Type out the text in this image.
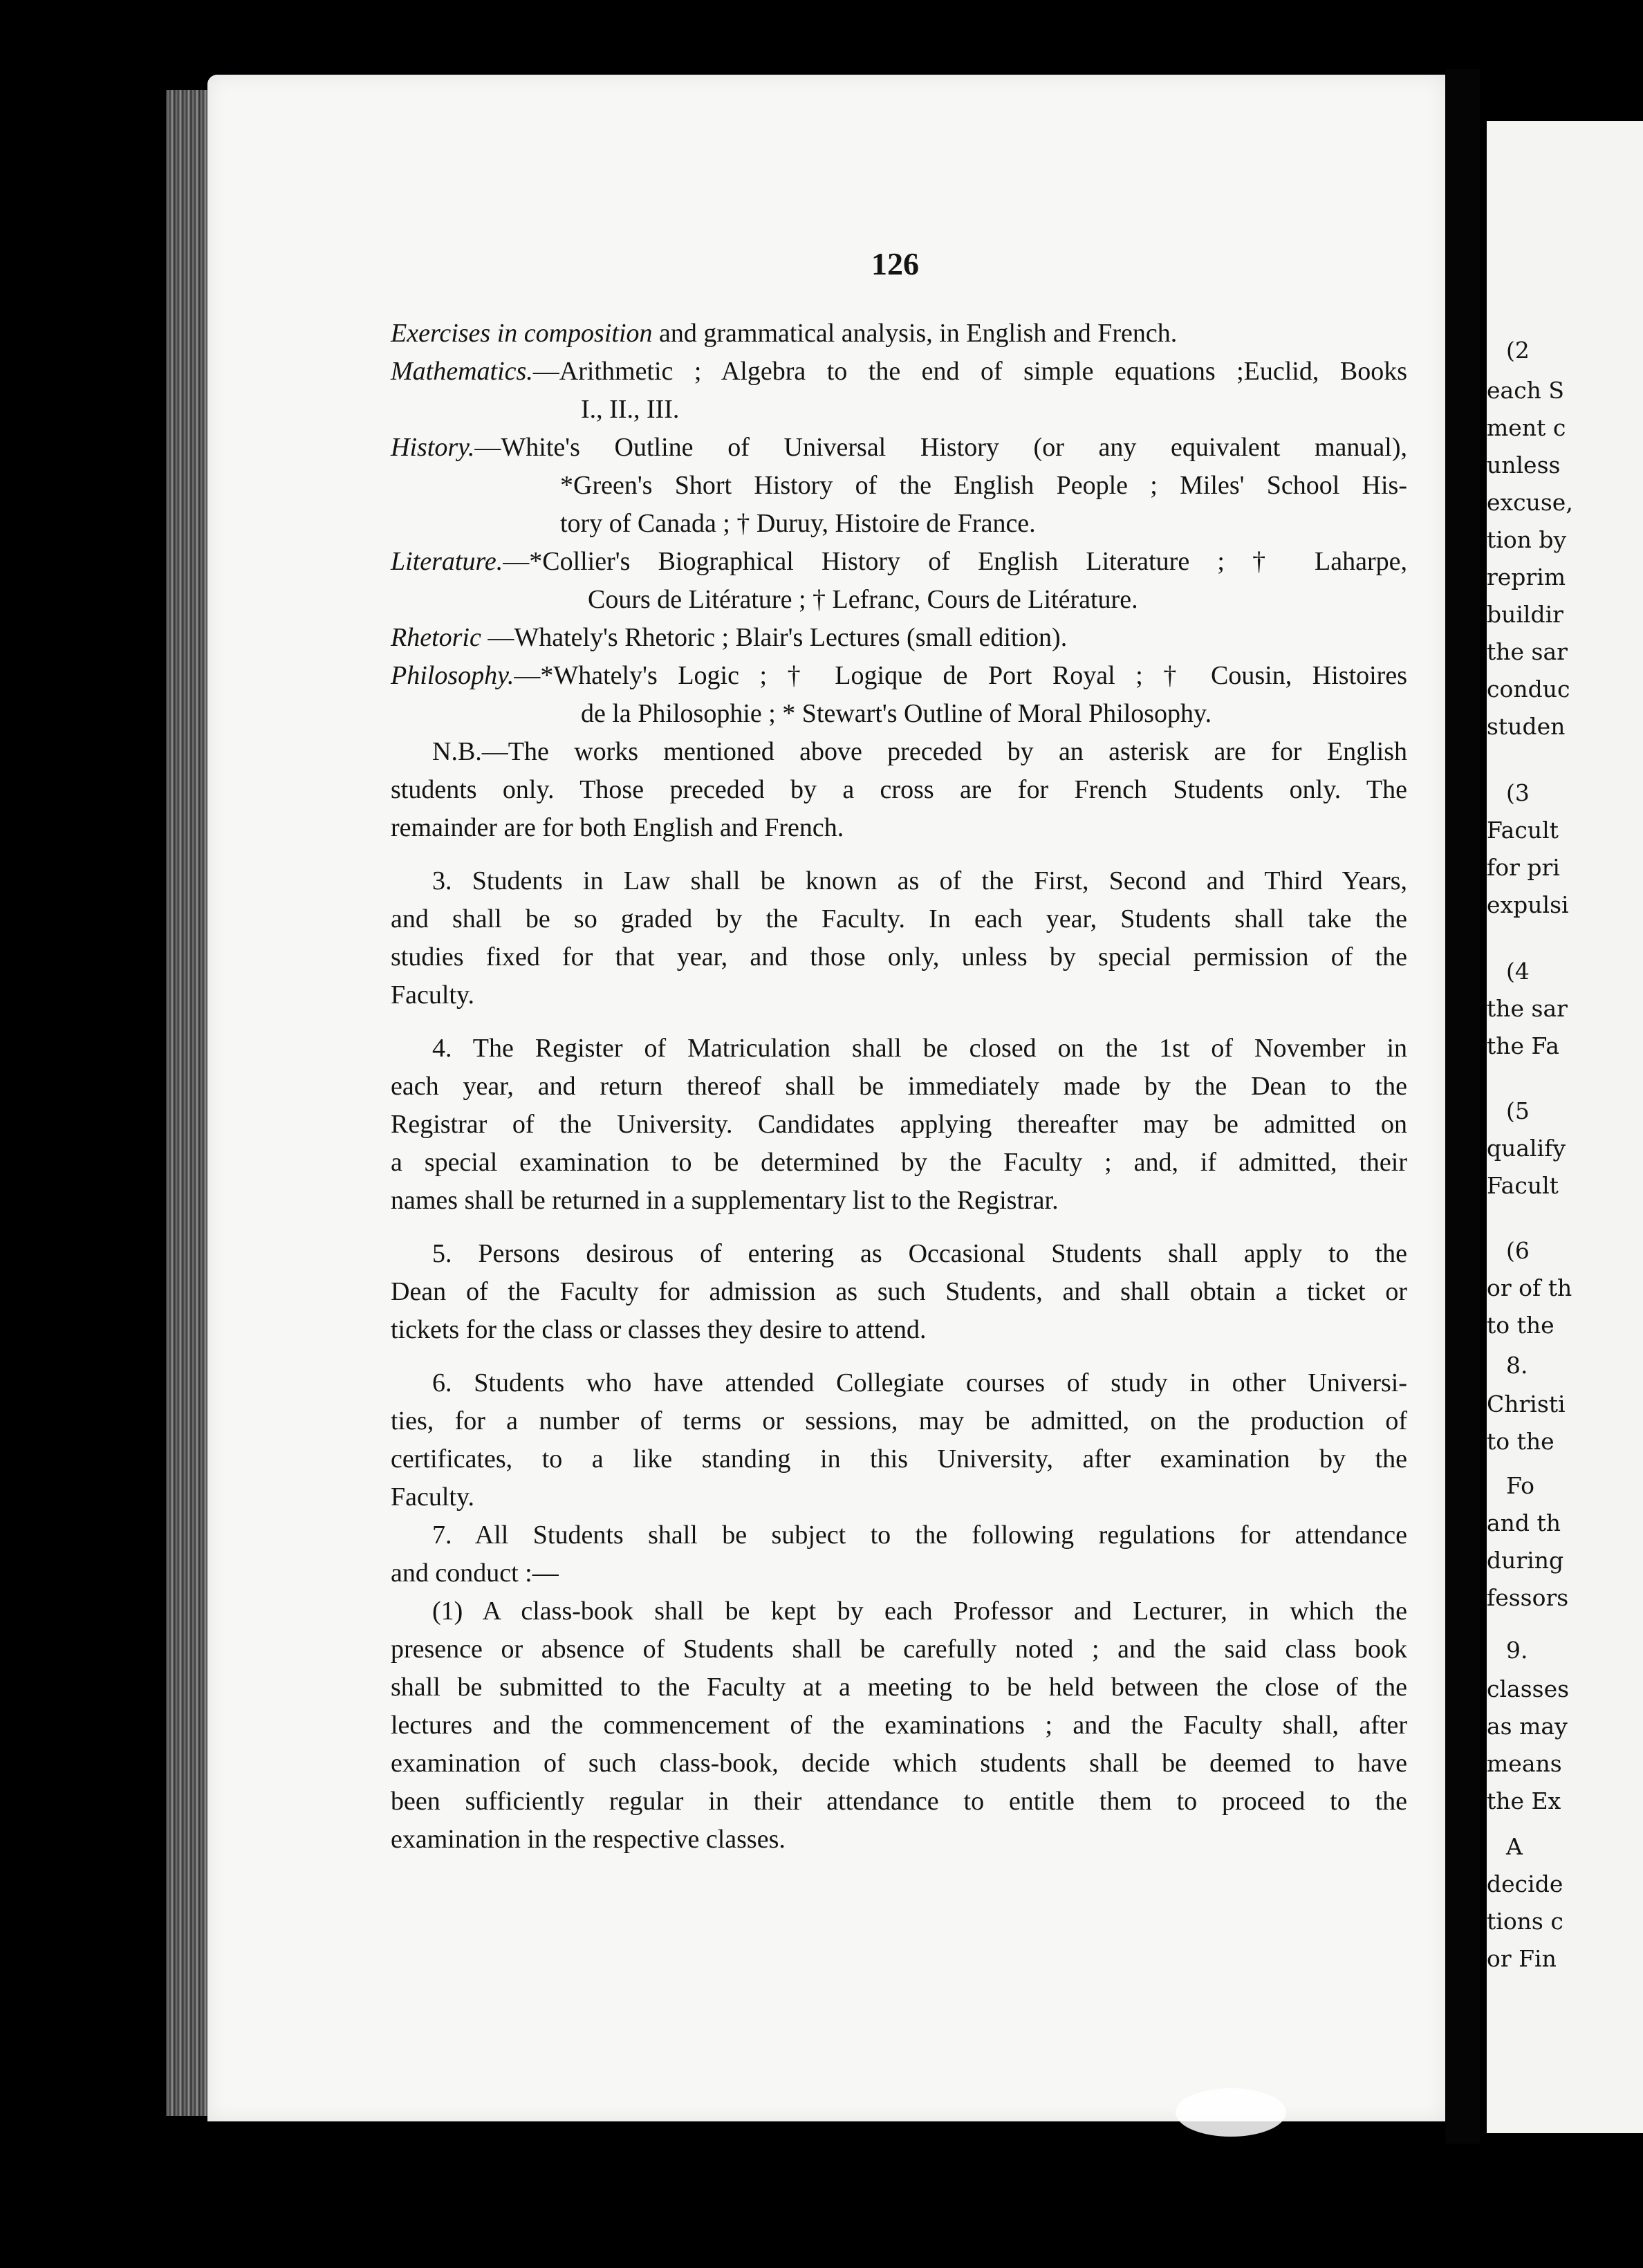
(2
each S
ment c
unless
excuse,
tion by
reprim
buildir
the sar
conduc
studen
(3
Facult
for pri
expulsi
(4
the sar
the Fa
(5
qualify
Facult
(6
or of th
to the
8.
Christi
to the
Fo
and th
during
fessors
9.
classes
as may
means
the Ex
A
decide
tions c
or Fin
126
Exercises in composition and grammatical analysis, in English and French.
Mathematics.—Arithmetic ; Algebra to the end of simple equations ;Euclid, Books
I., II., III.
History.—White's Outline of Universal History (or any equivalent manual),
*Green's Short History of the English People ; Miles' School His-
tory of Canada ; † Duruy, Histoire de France.
Literature.—*Collier's Biographical History of English Literature ; † Laharpe,
Cours de Litérature ; † Lefranc, Cours de Litérature.
Rhetoric —Whately's Rhetoric ; Blair's Lectures (small edition).
Philosophy.—*Whately's Logic ; † Logique de Port Royal ; † Cousin, Histoires
de la Philosophie ; * Stewart's Outline of Moral Philosophy.
N.B.—The works mentioned above preceded by an asterisk are for English
students only. Those preceded by a cross are for French Students only. The
remainder are for both English and French.
3. Students in Law shall be known as of the First, Second and Third Years,
and shall be so graded by the Faculty. In each year, Students shall take the
studies fixed for that year, and those only, unless by special permission of the
Faculty.
4. The Register of Matriculation shall be closed on the 1st of November in
each year, and return thereof shall be immediately made by the Dean to the
Registrar of the University. Candidates applying thereafter may be admitted on
a special examination to be determined by the Faculty ; and, if admitted, their
names shall be returned in a supplementary list to the Registrar.
5. Persons desirous of entering as Occasional Students shall apply to the
Dean of the Faculty for admission as such Students, and shall obtain a ticket or
tickets for the class or classes they desire to attend.
6. Students who have attended Collegiate courses of study in other Universi-
ties, for a number of terms or sessions, may be admitted, on the production of
certificates, to a like standing in this University, after examination by the
Faculty.
7. All Students shall be subject to the following regulations for attendance
and conduct :—
(1) A class-book shall be kept by each Professor and Lecturer, in which the
presence or absence of Students shall be carefully noted ; and the said class book
shall be submitted to the Faculty at a meeting to be held between the close of the
lectures and the commencement of the examinations ; and the Faculty shall, after
examination of such class-book, decide which students shall be deemed to have
been sufficiently regular in their attendance to entitle them to proceed to the
examination in the respective classes.
